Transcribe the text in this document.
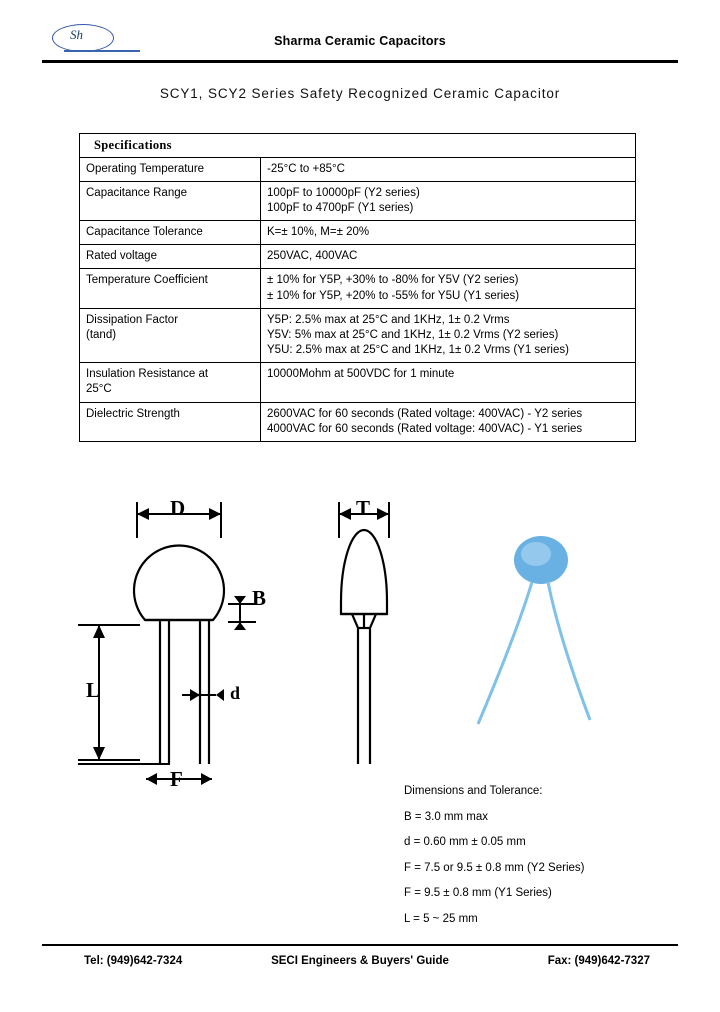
Sh	Sharma Ceramic Capacitors
SCY1, SCY2 Series Safety Recognized Ceramic Capacitor
Specifications	
Operating Temperature	-25°C to +85°C

Capacitance Range	100pF to 10000pF (Y2 series)
100pF to 4700pF (Y1 series)

Capacitance Tolerance	K=± 10%, M=± 20%

Rated voltage	250VAC, 400VAC

Temperature Coefficient	± 10% for Y5P, +30% to -80% for Y5V (Y2 series)
± 10% for Y5P, +20% to -55% for Y5U (Y1 series)

Dissipation Factor
(tand)	Y5P: 2.5% max at 25°C and 1KHz, 1± 0.2 Vrms
Y5V: 5% max at 25°C and 1KHz, 1± 0.2 Vrms (Y2 series)
Y5U: 2.5% max at 25°C and 1KHz, 1± 0.2 Vrms (Y1 series)

Insulation Resistance at
25°C	10000Mohm at 500VDC for 1 minute

Dielectric Strength	2600VAC for 60 seconds (Rated voltage: 400VAC) - Y2 series
4000VAC for 60 seconds (Rated voltage: 400VAC) - Y1 series
D	T
B
L	d
F	Dimensions and Tolerance:
B = 3.0 mm max
d = 0.60 mm ± 0.05 mm
F = 7.5 or 9.5 ± 0.8 mm (Y2 Series)
F = 9.5 ± 0.8 mm (Y1 Series)
L = 5 ~ 25 mm
Tel: (949)642-7324	SECI Engineers & Buyers' Guide	Fax: (949)642-7327
